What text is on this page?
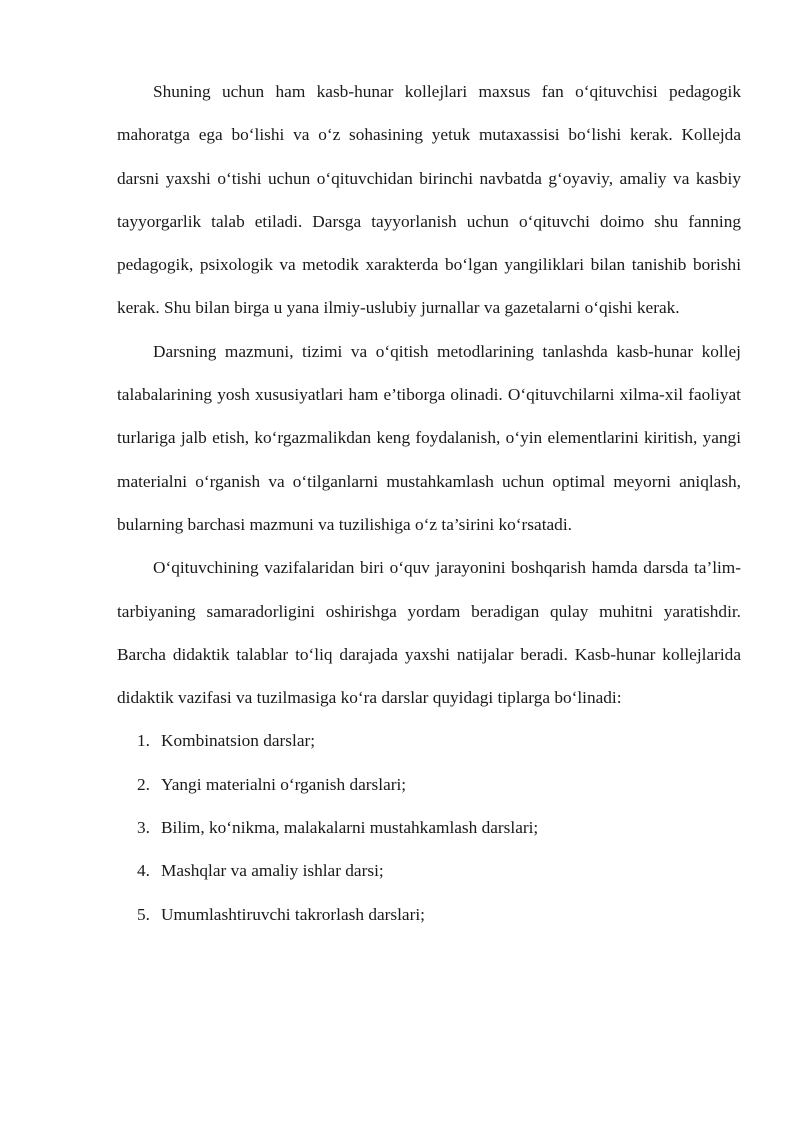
Shuning uchun ham kasb-hunar kollejlari maxsus fan o‘qituvchisi pedagogik mahoratga ega bo‘lishi va o‘z sohasining yetuk mutaxassisi bo‘lishi kerak. Kollejda darsni yaxshi o‘tishi uchun o‘qituvchidan birinchi navbatda g‘oyaviy, amaliy va kasbiy tayyorgarlik talab etiladi. Darsga tayyorlanish uchun o‘qituvchi doimo shu fanning pedagogik, psixologik va metodik xarakterda bo‘lgan yangiliklari bilan tanishib borishi kerak. Shu bilan birga u yana ilmiy-uslubiy jurnallar va gazetalarni o‘qishi kerak.

Darsning mazmuni, tizimi va o‘qitish metodlarining tanlashda kasb-hunar kollej talabalarining yosh xususiyatlari ham e’tiborga olinadi. O‘qituvchilarni xilma-xil faoliyat turlariga jalb etish, ko‘rgazmalikdan keng foydalanish, o‘yin elementlarini kiritish, yangi materialni o‘rganish va o‘tilganlarni mustahkamlash uchun optimal meyorni aniqlash, bularning barchasi mazmuni va tuzilishiga o‘z ta’sirini ko‘rsatadi.

O‘qituvchining vazifalaridan biri o‘quv jarayonini boshqarish hamda darsda ta’lim-tarbiyaning samaradorligini oshirishga yordam beradigan qulay muhitni yaratishdir. Barcha didaktik talablar to‘liq darajada yaxshi natijalar beradi. Kasb-hunar kollejlarida didaktik vazifasi va tuzilmasiga ko‘ra darslar quyidagi tiplarga bo‘linadi:

1. Kombinatsion darslar;
2. Yangi materialni o‘rganish darslari;
3. Bilim, ko‘nikma, malakalarni mustahkamlash darslari;
4. Mashqlar va amaliy ishlar darsi;
5. Umumlashtiruvchi takrorlash darslari;
